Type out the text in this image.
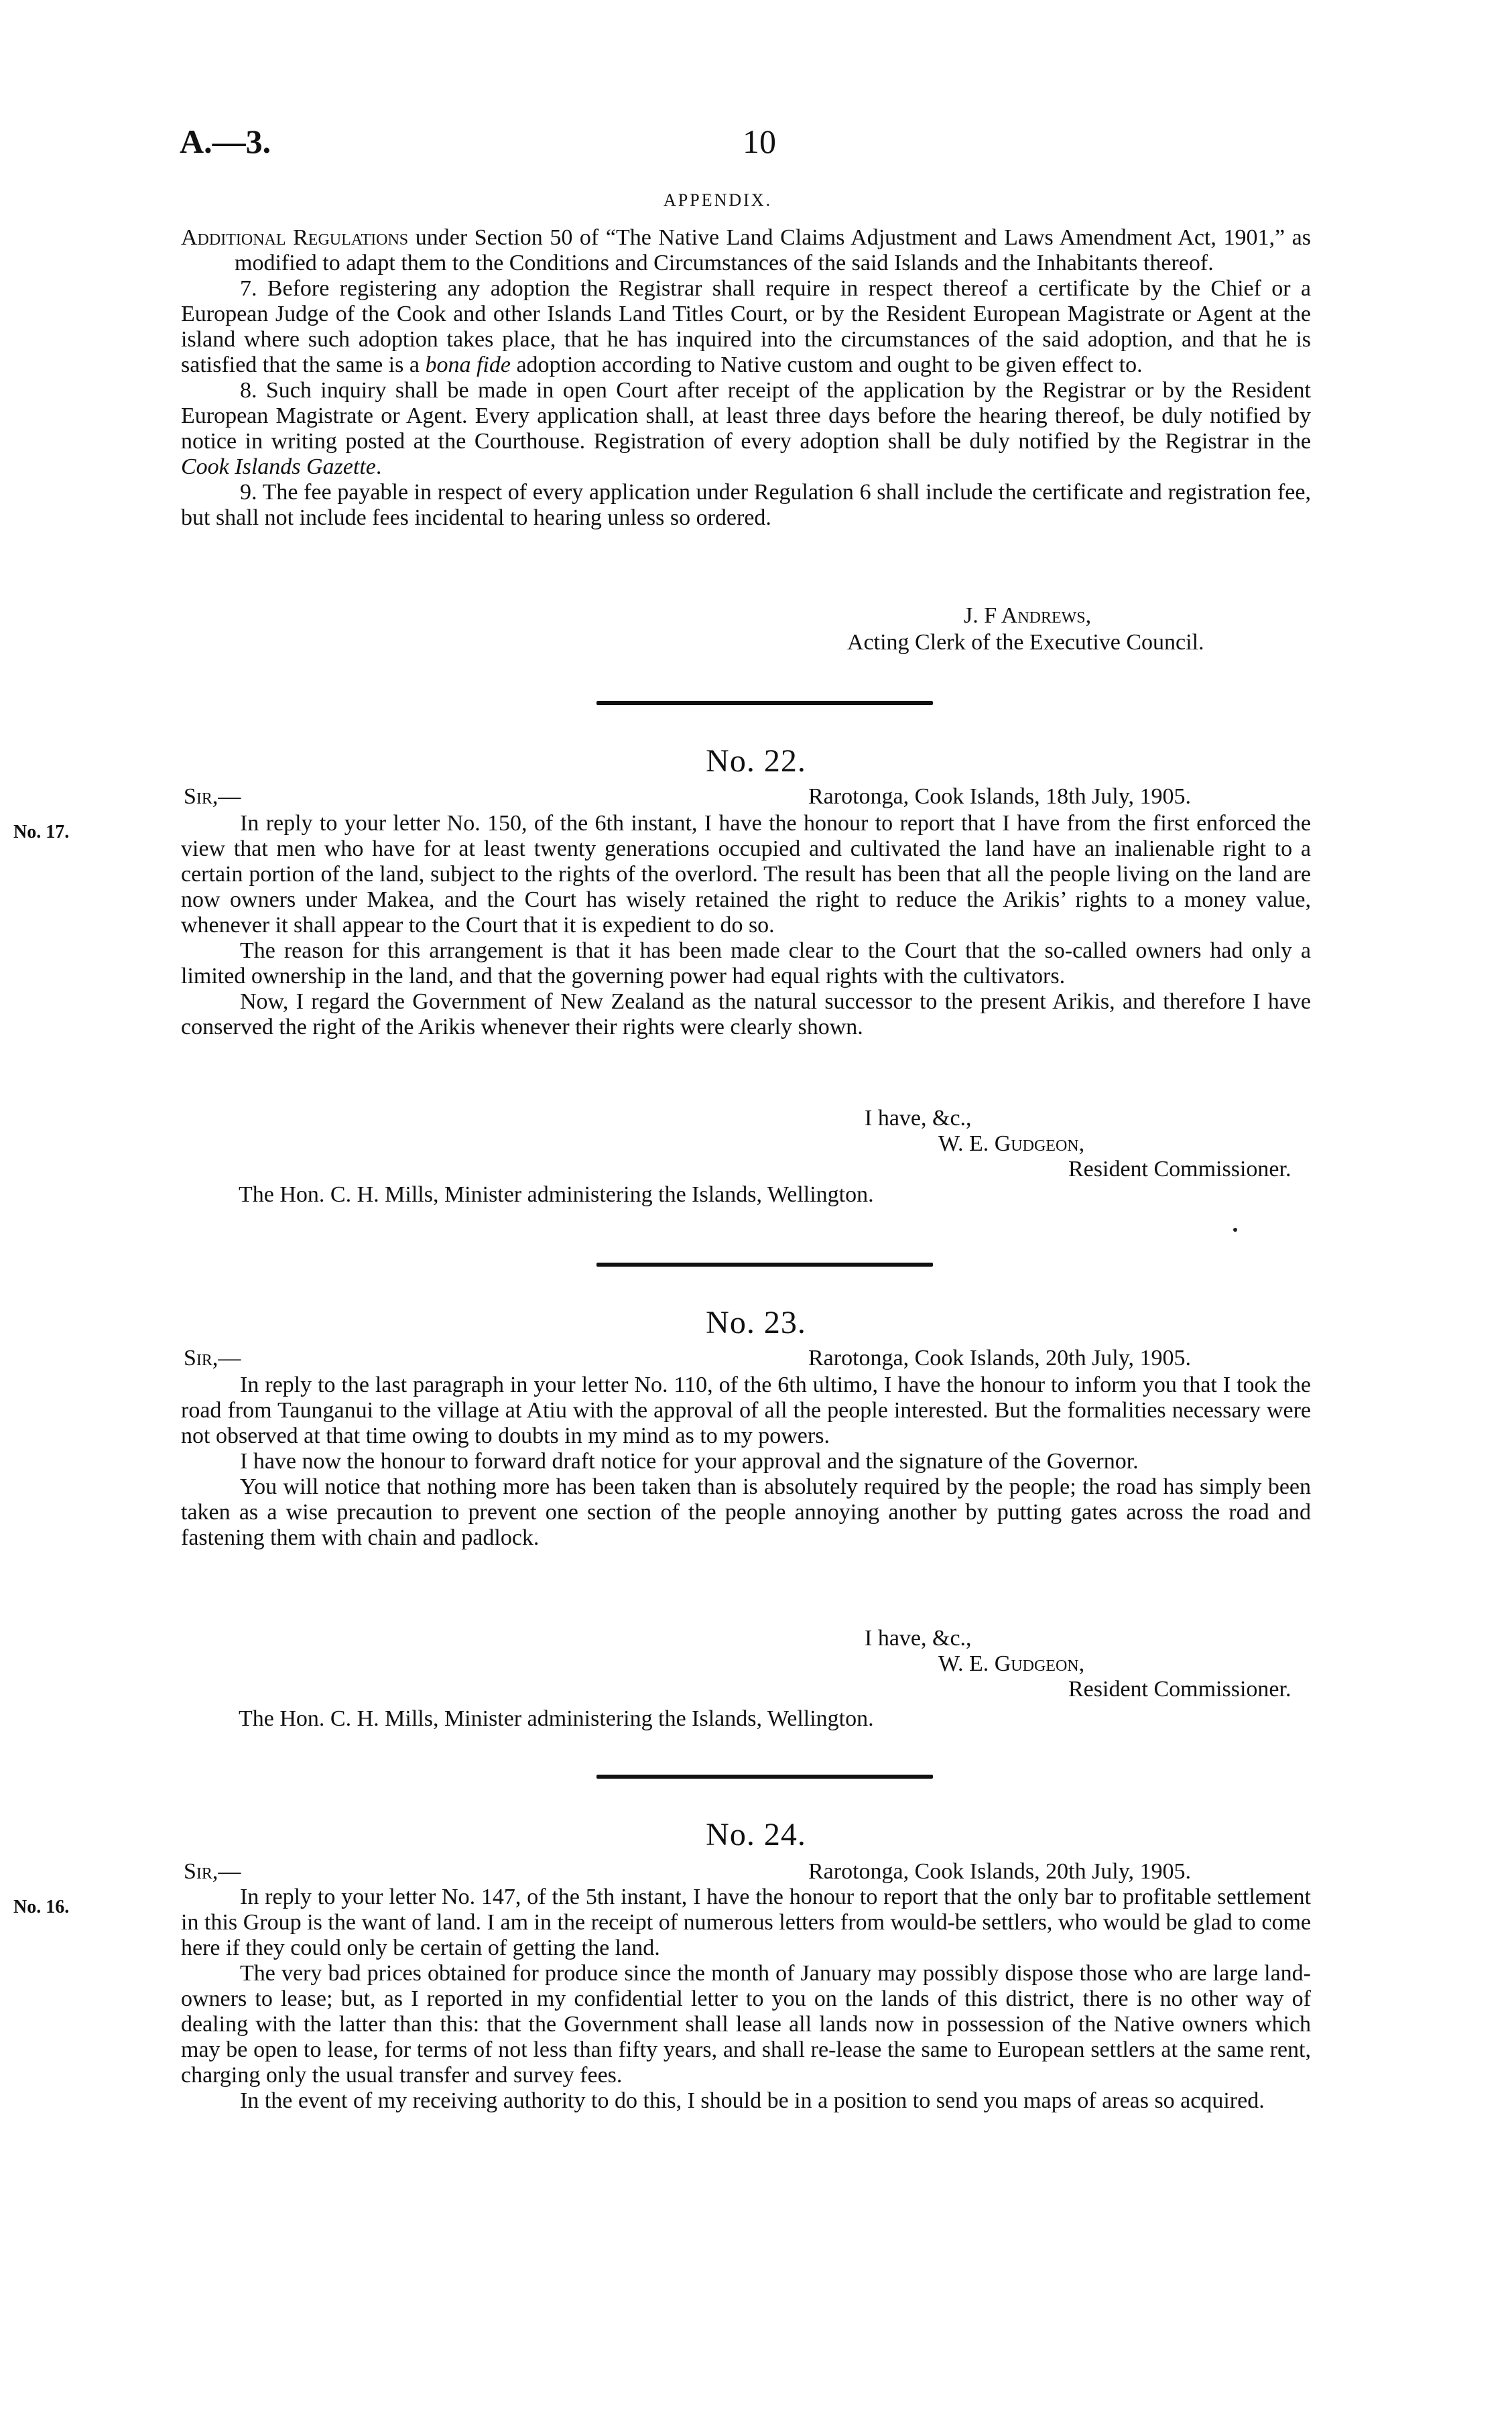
A.—3.	10
APPENDIX.

Additional Regulations under Section 50 of “The Native Land Claims Adjustment and Laws Amendment Act, 1901,” as modified to adapt them to the Conditions and Circumstances of the said Islands and the Inhabitants thereof.

7. Before registering any adoption the Registrar shall require in respect thereof a certificate by the Chief or a European Judge of the Cook and other Islands Land Titles Court, or by the Resident European Magistrate or Agent at the island where such adoption takes place, that he has inquired into the circumstances of the said adoption, and that he is satisfied that the same is a bona fide adoption according to Native custom and ought to be given effect to.

8. Such inquiry shall be made in open Court after receipt of the application by the Registrar or by the Resident European Magistrate or Agent. Every application shall, at least three days before the hearing thereof, be duly notified by notice in writing posted at the Courthouse. Registration of every adoption shall be duly notified by the Registrar in the Cook Islands Gazette.

9. The fee payable in respect of every application under Regulation 6 shall include the certificate and registration fee, but shall not include fees incidental to hearing unless so ordered.

J. F Andrews,
Acting Clerk of the Executive Council.
No. 22.
Sir,—	Rarotonga, Cook Islands, 18th July, 1905.
No. 17.	In reply to your letter No. 150, of the 6th instant, I have the honour to report that I have from the first enforced the view that men who have for at least twenty generations occupied and cultivated the land have an inalienable right to a certain portion of the land, subject to the rights of the overlord. The result has been that all the people living on the land are now owners under Makea, and the Court has wisely retained the right to reduce the Arikis’ rights to a money value, whenever it shall appear to the Court that it is expedient to do so.

The reason for this arrangement is that it has been made clear to the Court that the so-called owners had only a limited ownership in the land, and that the governing power had equal rights with the cultivators.

Now, I regard the Government of New Zealand as the natural successor to the present Arikis, and therefore I have conserved the right of the Arikis whenever their rights were clearly shown.

I have, &c.,
W. E. Gudgeon,
Resident Commissioner.
The Hon. C. H. Mills, Minister administering the Islands, Wellington.
No. 23.
Sir,—	Rarotonga, Cook Islands, 20th July, 1905.

In reply to the last paragraph in your letter No. 110, of the 6th ultimo, I have the honour to inform you that I took the road from Taunganui to the village at Atiu with the approval of all the people interested. But the formalities necessary were not observed at that time owing to doubts in my mind as to my powers.

I have now the honour to forward draft notice for your approval and the signature of the Governor.

You will notice that nothing more has been taken than is absolutely required by the people; the road has simply been taken as a wise precaution to prevent one section of the people annoying another by putting gates across the road and fastening them with chain and padlock.

I have, &c.,
W. E. Gudgeon,
Resident Commissioner.
The Hon. C. H. Mills, Minister administering the Islands, Wellington.
No. 24.
Sir,—	Rarotonga, Cook Islands, 20th July, 1905.
No. 16.	In reply to your letter No. 147, of the 5th instant, I have the honour to report that the only bar to profitable settlement in this Group is the want of land. I am in the receipt of numerous letters from would-be settlers, who would be glad to come here if they could only be certain of getting the land.

The very bad prices obtained for produce since the month of January may possibly dispose those who are large land-owners to lease; but, as I reported in my confidential letter to you on the lands of this district, there is no other way of dealing with the latter than this: that the Government shall lease all lands now in possession of the Native owners which may be open to lease, for terms of not less than fifty years, and shall re-lease the same to European settlers at the same rent, charging only the usual transfer and survey fees.

In the event of my receiving authority to do this, I should be in a position to send you maps of areas so acquired.
